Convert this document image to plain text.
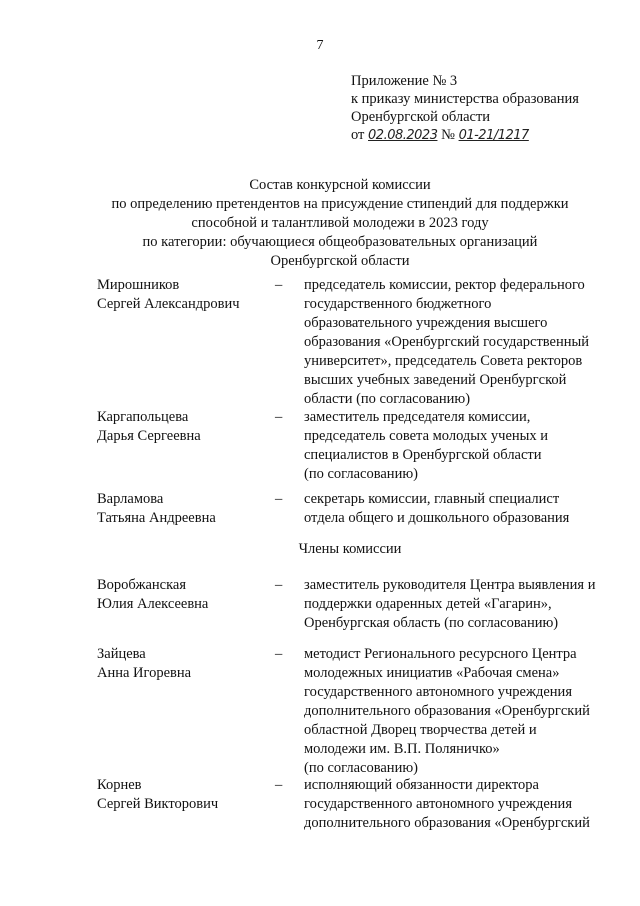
7
Приложение № 3
к приказу министерства образования
Оренбургской области
от 02.08.2023 № 01-21/1217
Состав конкурсной комиссии
по определению претендентов на присуждение стипендий для поддержки
способной и талантливой молодежи в 2023 году
по категории: обучающиеся общеобразовательных организаций
Оренбургской области
Мирошников
Сергей Александрович
– председатель комиссии, ректор федерального
государственного бюджетного
образовательного учреждения высшего
образования «Оренбургский государственный
университет», председатель Совета ректоров
высших учебных заведений Оренбургской
области (по согласованию)
Каргапольцева
Дарья Сергеевна
– заместитель председателя комиссии,
председатель совета молодых ученых и
специалистов в Оренбургской области
(по согласованию)
Варламова
Татьяна Андреевна
– секретарь комиссии, главный специалист
отдела общего и дошкольного образования
Члены комиссии
Воробжанская
Юлия Алексеевна
– заместитель руководителя Центра выявления и
поддержки одаренных детей «Гагарин»,
Оренбургская область (по согласованию)
Зайцева
Анна Игоревна
– методист Регионального ресурсного Центра
молодежных инициатив «Рабочая смена»
государственного автономного учреждения
дополнительного образования «Оренбургский
областной Дворец творчества детей и
молодежи им. В.П. Поляничко»
(по согласованию)
Корнев
Сергей Викторович
– исполняющий обязанности директора
государственного автономного учреждения
дополнительного образования «Оренбургский
